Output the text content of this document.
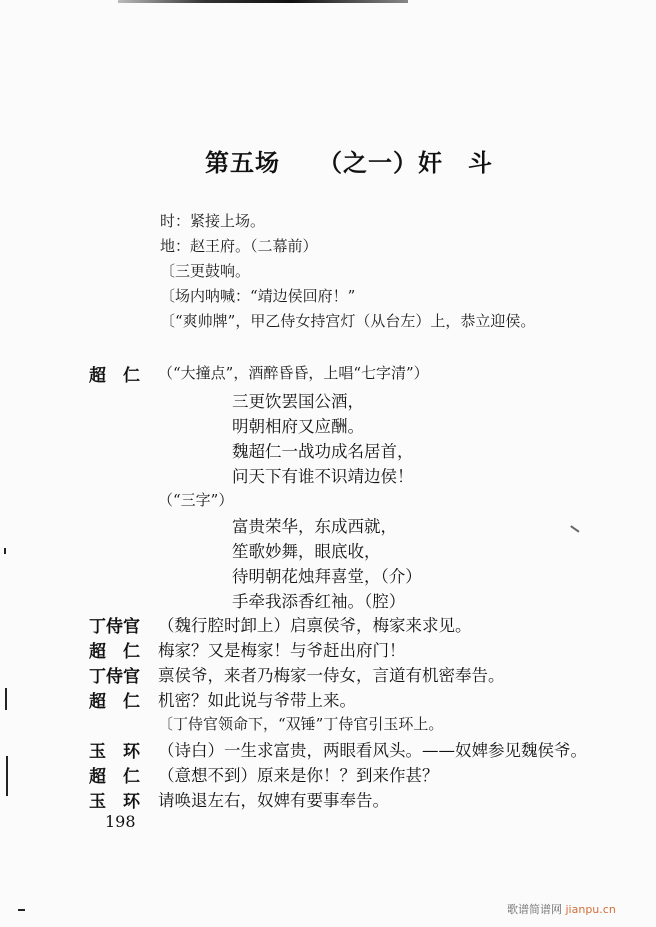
第五场　　（之一）奸　斗
时：紧接上场。
地：赵王府。（二幕前）
〔三更鼓响。
〔场内呐喊：“靖边侯回府！”
〔“爽帅牌”，甲乙侍女持宫灯（从台左）上，恭立迎侯。
超　仁	（“大撞点”，酒醉昏昏，上唱“七字清”）
三更饮罢国公酒，
明朝相府又应酬。
魏超仁一战功成名居首，
问天下有谁不识靖边侯！
（“三字”）
富贵荣华，东成西就，
笙歌妙舞，眼底收，
待明朝花烛拜喜堂，（介）
手牵我添香红袖。（腔）
丁侍官	（魏行腔时卸上）启禀侯爷，梅家来求见。
超　仁	梅家？又是梅家！与爷赶出府门！
丁侍官	禀侯爷，来者乃梅家一侍女，言道有机密奉告。
超　仁	机密？如此说与爷带上来。
〔丁侍官领命下，“双锤”丁侍官引玉环上。
玉　环	（诗白）一生求富贵，两眼看风头。——奴婢参见魏侯爷。
超　仁	（意想不到）原来是你！？到来作甚？
玉　环	请唤退左右，奴婢有要事奉告。
198
歌谱简谱网 jianpu.cn
